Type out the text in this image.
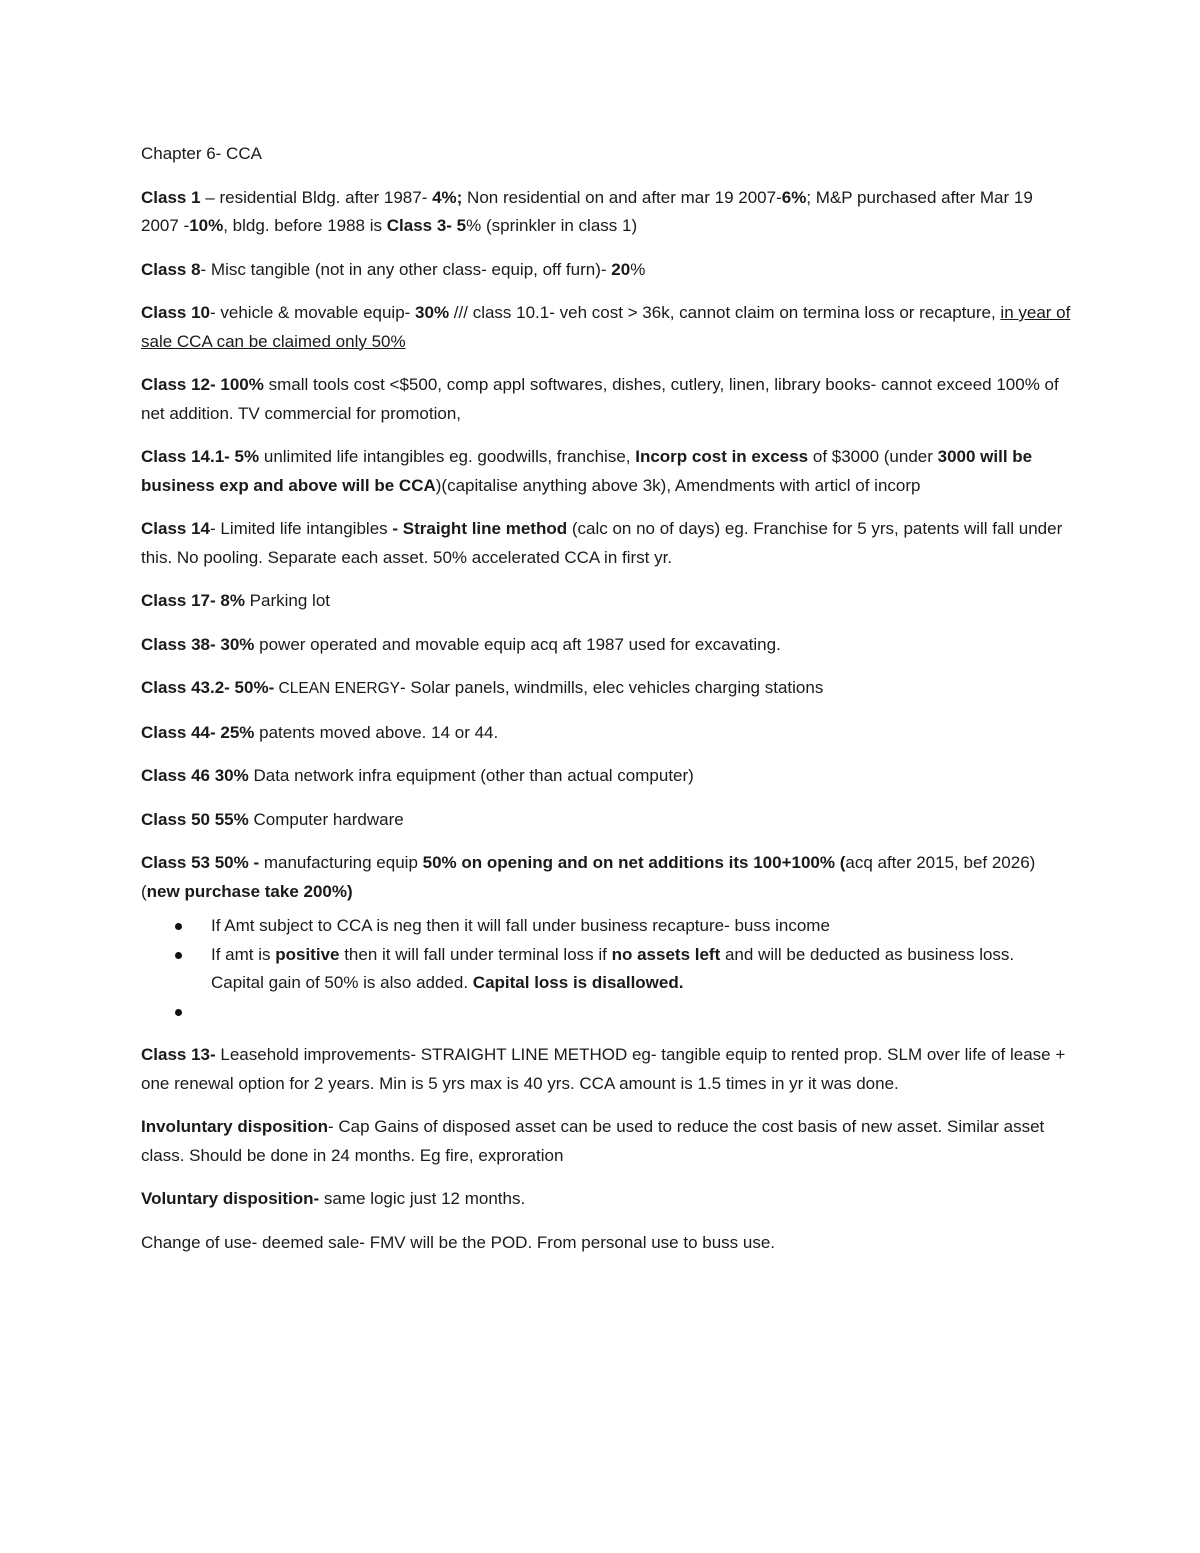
Chapter 6- CCA

Class 1 – residential Bldg. after 1987- 4%; Non residential on and after mar 19 2007-6%; M&P purchased after Mar 19 2007 -10%, bldg. before 1988 is Class 3- 5% (sprinkler in class 1)

Class 8- Misc tangible (not in any other class- equip, off furn)- 20%

Class 10- vehicle & movable equip- 30% /// class 10.1- veh cost > 36k, cannot claim on termina loss or recapture, in year of sale CCA can be claimed only 50%

Class 12- 100% small tools cost <$500, comp appl softwares, dishes, cutlery, linen, library books- cannot exceed 100% of net addition. TV commercial for promotion,

Class 14.1- 5% unlimited life intangibles eg. goodwills, franchise, Incorp cost in excess of $3000 (under 3000 will be business exp and above will be CCA)(capitalise anything above 3k), Amendments with articl of incorp

Class 14- Limited life intangibles - Straight line method (calc on no of days) eg. Franchise for 5 yrs, patents will fall under this. No pooling. Separate each asset. 50% accelerated CCA in first yr.

Class 17- 8% Parking lot

Class 38- 30% power operated and movable equip acq aft 1987 used for excavating.

Class 43.2- 50%- CLEAN ENERGY- Solar panels, windmills, elec vehicles charging stations

Class 44- 25% patents moved above. 14 or 44.

Class 46 30% Data network infra equipment (other than actual computer)

Class 50 55% Computer hardware

Class 53 50% - manufacturing equip 50% on opening and on net additions its 100+100% (acq after 2015, bef 2026) (new purchase take 200%)

If Amt subject to CCA is neg then it will fall under business recapture- buss income
If amt is positive then it will fall under terminal loss if no assets left and will be deducted as business loss. Capital gain of 50% is also added. Capital loss is disallowed.

Class 13- Leasehold improvements- STRAIGHT LINE METHOD eg- tangible equip to rented prop. SLM over life of lease + one renewal option for 2 years. Min is 5 yrs max is 40 yrs. CCA amount is 1.5 times in yr it was done.

Involuntary disposition- Cap Gains of disposed asset can be used to reduce the cost basis of new asset. Similar asset class. Should be done in 24 months. Eg fire, exproration

Voluntary disposition- same logic just 12 months.

Change of use- deemed sale- FMV will be the POD. From personal use to buss use.
